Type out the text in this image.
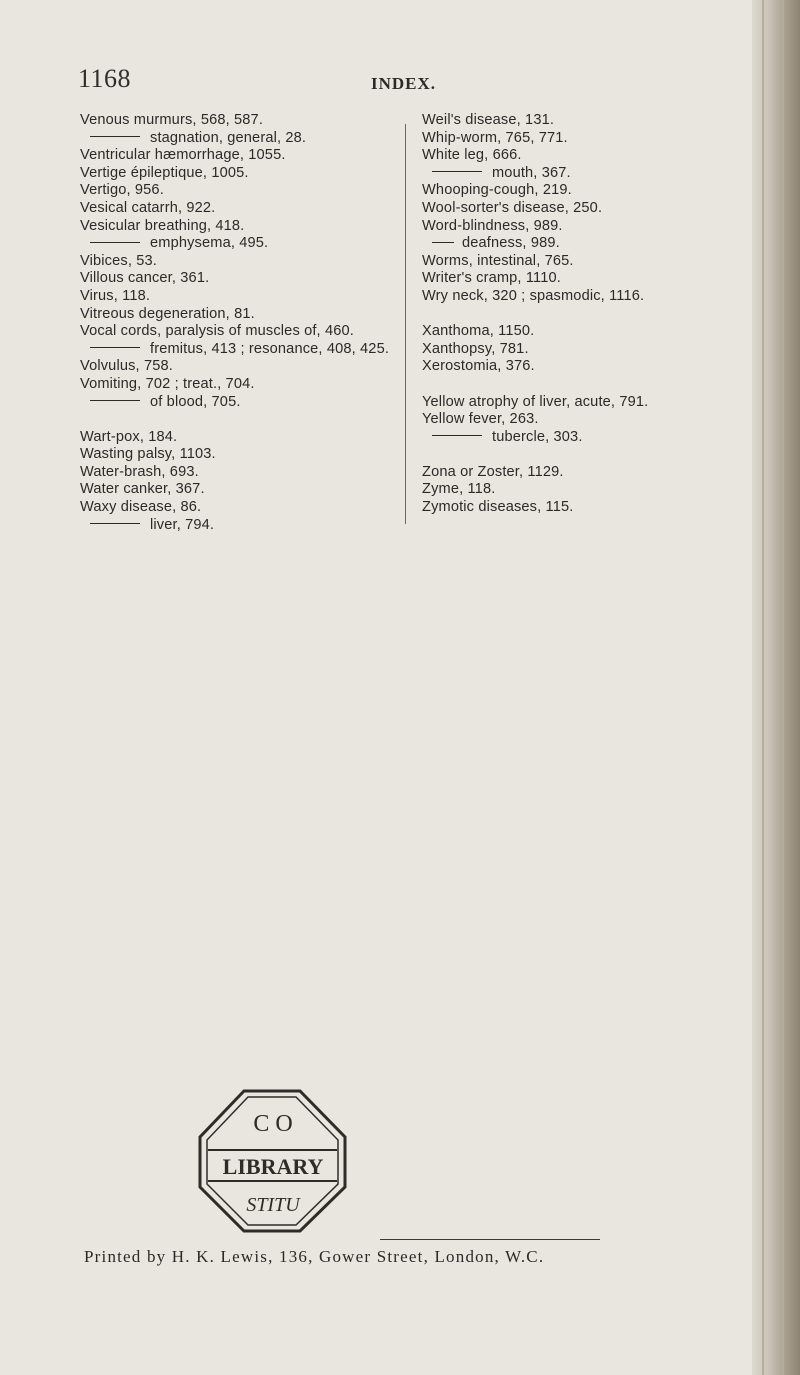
1168	INDEX.
Venous murmurs, 568, 587.
stagnation, general, 28.
Ventricular hæmorrhage, 1055.
Vertige épileptique, 1005.
Vertigo, 956.
Vesical catarrh, 922.
Vesicular breathing, 418.
emphysema, 495.
Vibices, 53.
Villous cancer, 361.
Virus, 118.
Vitreous degeneration, 81.
Vocal cords, paralysis of muscles of, 460.
fremitus, 413 ; resonance, 408, 425.
Volvulus, 758.
Vomiting, 702 ; treat., 704.
of blood, 705.
Wart-pox, 184.
Wasting palsy, 1103.
Water-brash, 693.
Water canker, 367.
Waxy disease, 86.
liver, 794.
Weil's disease, 131.
Whip-worm, 765, 771.
White leg, 666.
mouth, 367.
Whooping-cough, 219.
Wool-sorter's disease, 250.
Word-blindness, 989.
deafness, 989.
Worms, intestinal, 765.
Writer's cramp, 1110.
Wry neck, 320 ; spasmodic, 1116.
Xanthoma, 1150.
Xanthopsy, 781.
Xerostomia, 376.
Yellow atrophy of liver, acute, 791.
Yellow fever, 263.
tubercle, 303.
Zona or Zoster, 1129.
Zyme, 118.
Zymotic diseases, 115.
C O
LIBRARY
STITU
Printed by H. K. Lewis, 136, Gower Street, London, W.C.
